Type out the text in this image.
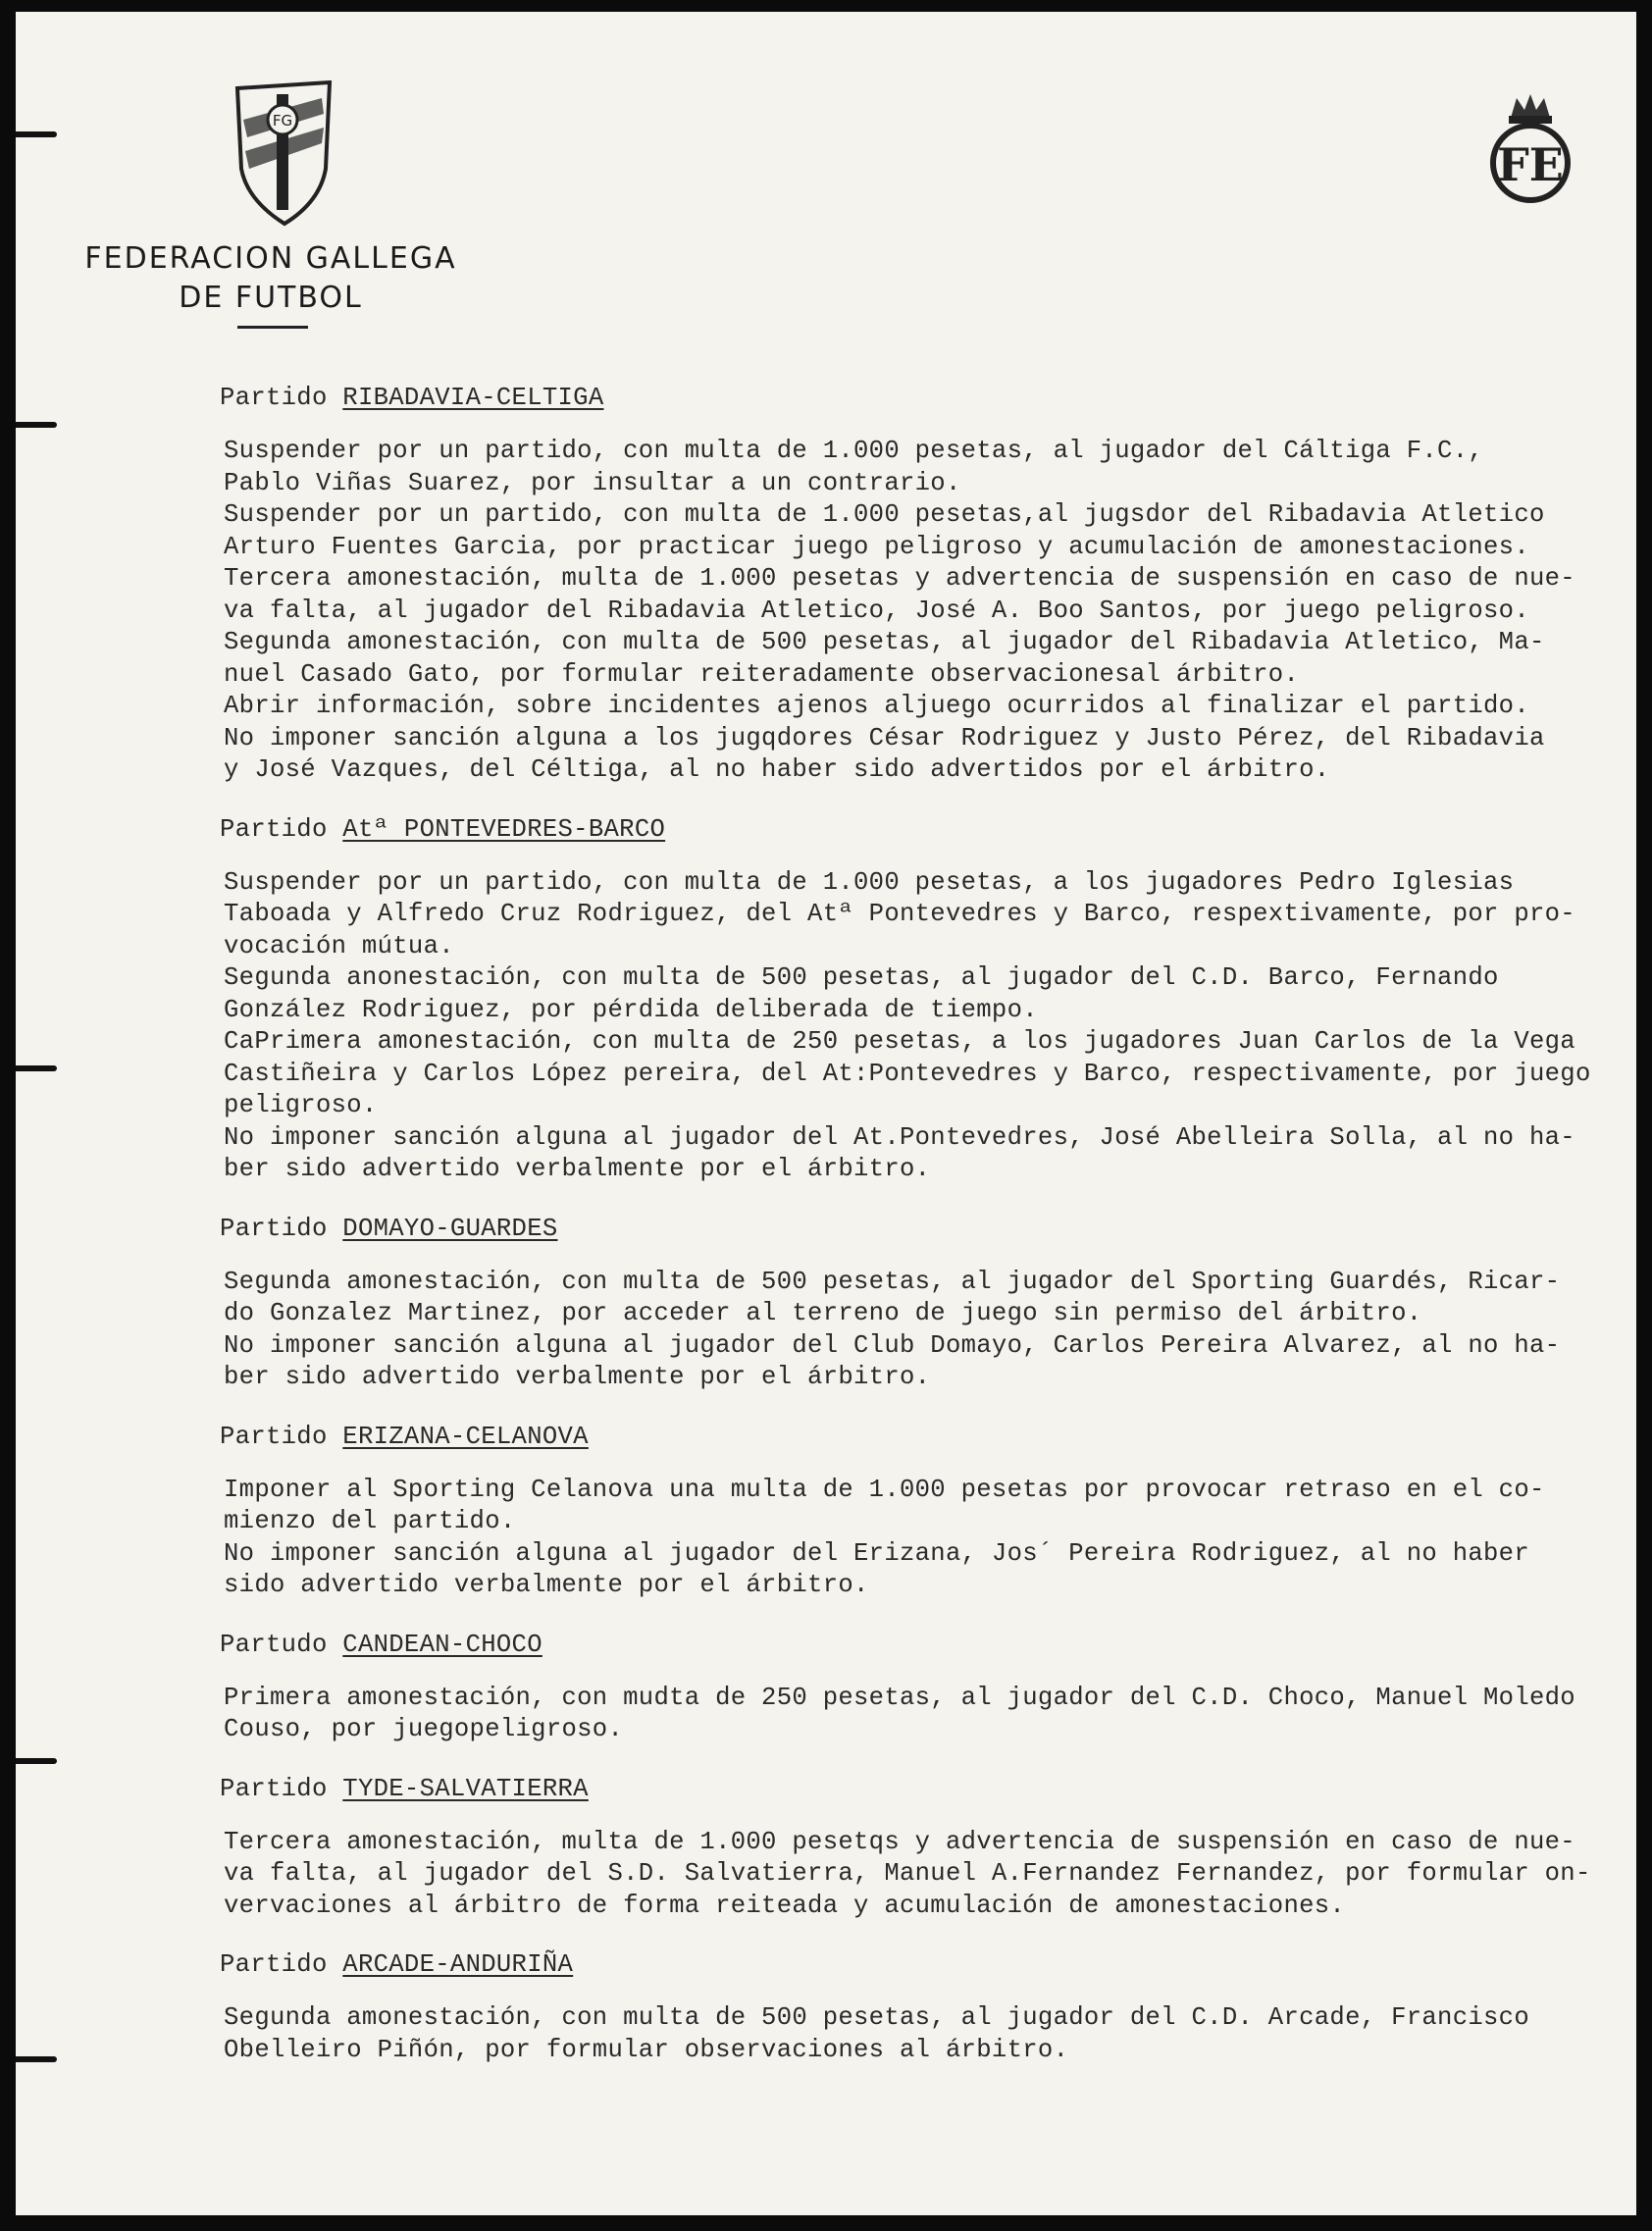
FG
FE
FEDERACION GALLEGA
DE FUTBOL
Partido RIBADAVIA-CELTIGA

Suspender por un partido, con multa de 1.000 pesetas, al jugador del Cáltiga F.C.,
Pablo Viñas Suarez, por insultar a un contrario.

Suspender por un partido, con multa de 1.000 pesetas,al jugsdor del Ribadavia Atletico
Arturo Fuentes Garcia, por practicar juego peligroso y acumulación de amonestaciones.

Tercera amonestación, multa de 1.000 pesetas y advertencia de suspensión en caso de nue-
va falta, al jugador del Ribadavia Atletico, José A. Boo Santos, por juego peligroso.

Segunda amonestación, con multa de 500 pesetas, al jugador del Ribadavia Atletico, Ma-
nuel Casado Gato, por formular reiteradamente observacionesal árbitro.

Abrir información, sobre incidentes ajenos aljuego ocurridos al finalizar el partido.

No imponer sanción alguna a los jugqdores César Rodriguez y Justo Pérez, del Ribadavia
y José Vazques, del Céltiga, al no haber sido advertidos por el árbitro.

Partido Atª PONTEVEDRES-BARCO

Suspender por un partido, con multa de 1.000 pesetas, a los jugadores Pedro Iglesias
Taboada y Alfredo Cruz Rodriguez, del Atª Pontevedres y Barco, respextivamente, por pro-
vocación mútua.

Segunda anonestación, con multa de 500 pesetas, al jugador del C.D. Barco, Fernando
González Rodriguez, por pérdida deliberada de tiempo.

CaPrimera amonestación, con multa de 250 pesetas, a los jugadores Juan Carlos de la Vega
Castiñeira y Carlos López pereira, del At:Pontevedres y Barco, respectivamente, por juego
peligroso.

No imponer sanción alguna al jugador del At.Pontevedres, José Abelleira Solla, al no ha-
ber sido advertido verbalmente por el árbitro.

Partido DOMAYO-GUARDES

Segunda amonestación, con multa de 500 pesetas, al jugador del Sporting Guardés, Ricar-
do Gonzalez Martinez, por acceder al terreno de juego sin permiso del árbitro.

No imponer sanción alguna al jugador del Club Domayo, Carlos Pereira Alvarez, al no ha-
ber sido advertido verbalmente por el árbitro.

Partido ERIZANA-CELANOVA

Imponer al Sporting Celanova una multa de 1.000 pesetas por provocar retraso en el co-
mienzo del partido.

No imponer sanción alguna al jugador del Erizana, Jos´ Pereira Rodriguez, al no haber
sido advertido verbalmente por el árbitro.

Partudo CANDEAN-CHOCO

Primera amonestación, con mudta de 250 pesetas, al jugador del C.D. Choco, Manuel Moledo
Couso, por juegopeligroso.

Partido TYDE-SALVATIERRA

Tercera amonestación, multa de 1.000 pesetqs y advertencia de suspensión en caso de nue-
va falta, al jugador del S.D. Salvatierra, Manuel A.Fernandez Fernandez, por formular on-
vervaciones al árbitro de forma reiteada y acumulación de amonestaciones.

Partido ARCADE-ANDURIÑA

Segunda amonestación, con multa de 500 pesetas, al jugador del C.D. Arcade, Francisco
Obelleiro Piñón, por formular observaciones al árbitro.
